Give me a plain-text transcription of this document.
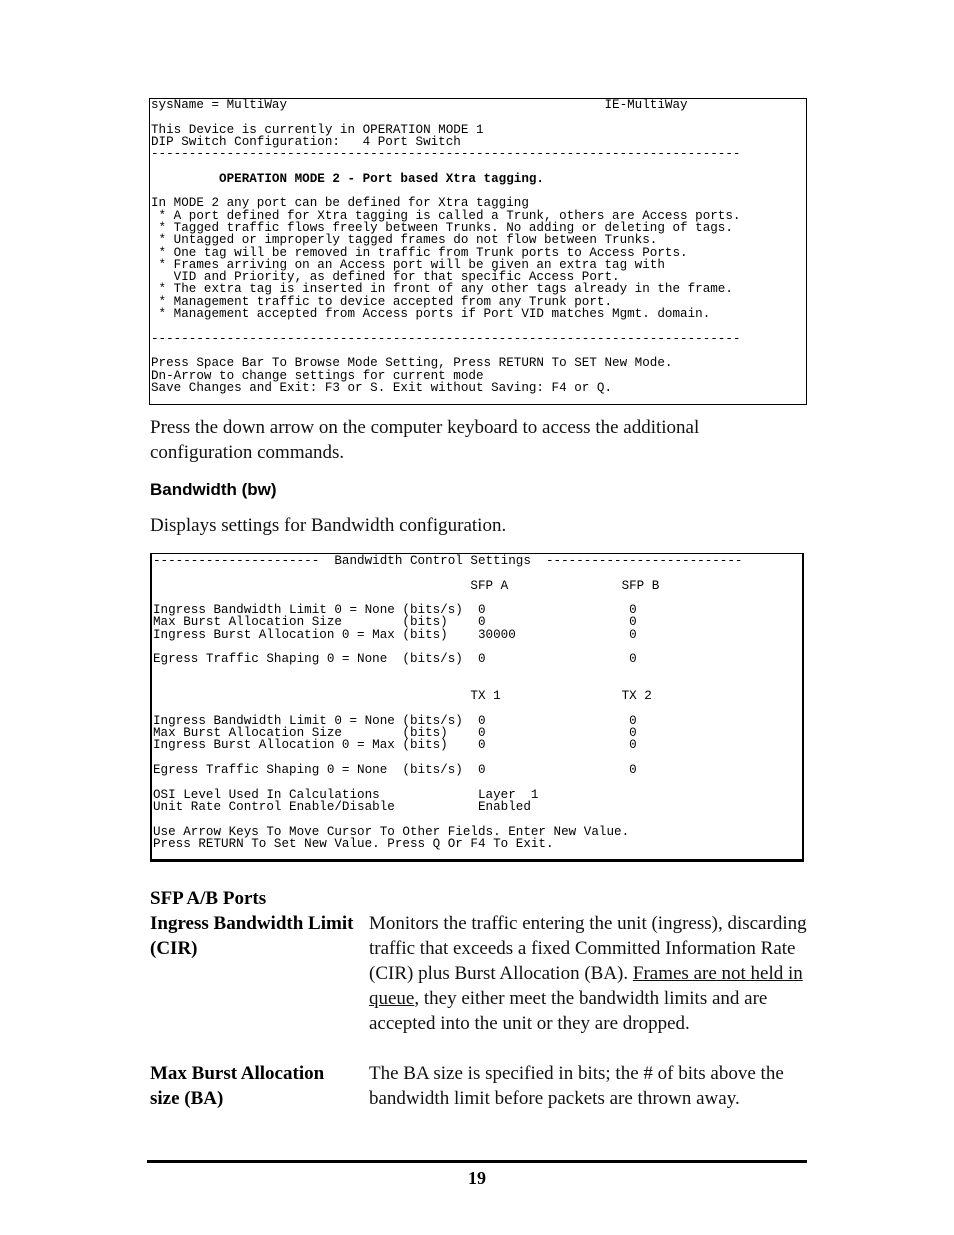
sysName = MultiWay                                          IE-MultiWay

This Device is currently in OPERATION MODE 1
DIP Switch Configuration:   4 Port Switch
------------------------------------------------------------------------------

OPERATION MODE 2 - Port based Xtra tagging.

In MODE 2 any port can be defined for Xtra tagging
* A port defined for Xtra tagging is called a Trunk, others are Access ports.
* Tagged traffic flows freely between Trunks. No adding or deleting of tags.
* Untagged or improperly tagged frames do not flow between Trunks.
* One tag will be removed in traffic from Trunk ports to Access Ports.
* Frames arriving on an Access port will be given an extra tag with
VID and Priority, as defined for that specific Access Port.
* The extra tag is inserted in front of any other tags already in the frame.
* Management traffic to device accepted from any Trunk port.
* Management accepted from Access ports if Port VID matches Mgmt. domain.

------------------------------------------------------------------------------

Press Space Bar To Browse Mode Setting, Press RETURN To SET New Mode.
Dn-Arrow to change settings for current mode
Save Changes and Exit: F3 or S. Exit without Saving: F4 or Q.
Press the down arrow on the computer keyboard to access the additional configuration commands.
Bandwidth (bw)
Displays settings for Bandwidth configuration.
----------------------  Bandwidth Control Settings  --------------------------

SFP A               SFP B

Ingress Bandwidth Limit 0 = None (bits/s)  0                   0
Max Burst Allocation Size        (bits)    0                   0
Ingress Burst Allocation 0 = Max (bits)    30000               0

Egress Traffic Shaping 0 = None  (bits/s)  0                   0

TX 1                TX 2

Ingress Bandwidth Limit 0 = None (bits/s)  0                   0
Max Burst Allocation Size        (bits)    0                   0
Ingress Burst Allocation 0 = Max (bits)    0                   0

Egress Traffic Shaping 0 = None  (bits/s)  0                   0

OSI Level Used In Calculations             Layer  1
Unit Rate Control Enable/Disable           Enabled

Use Arrow Keys To Move Cursor To Other Fields. Enter New Value.
Press RETURN To Set New Value. Press Q Or F4 To Exit.
SFP A/B Ports
Ingress Bandwidth Limit (CIR)
Monitors the traffic entering the unit (ingress), discarding traffic that exceeds a fixed Committed Information Rate (CIR) plus Burst Allocation (BA). Frames are not held in queue, they either meet the bandwidth limits and are accepted into the unit or they are dropped.
Max Burst Allocation size (BA)
The BA size is specified in bits; the # of bits above the bandwidth limit before packets are thrown away.
19
